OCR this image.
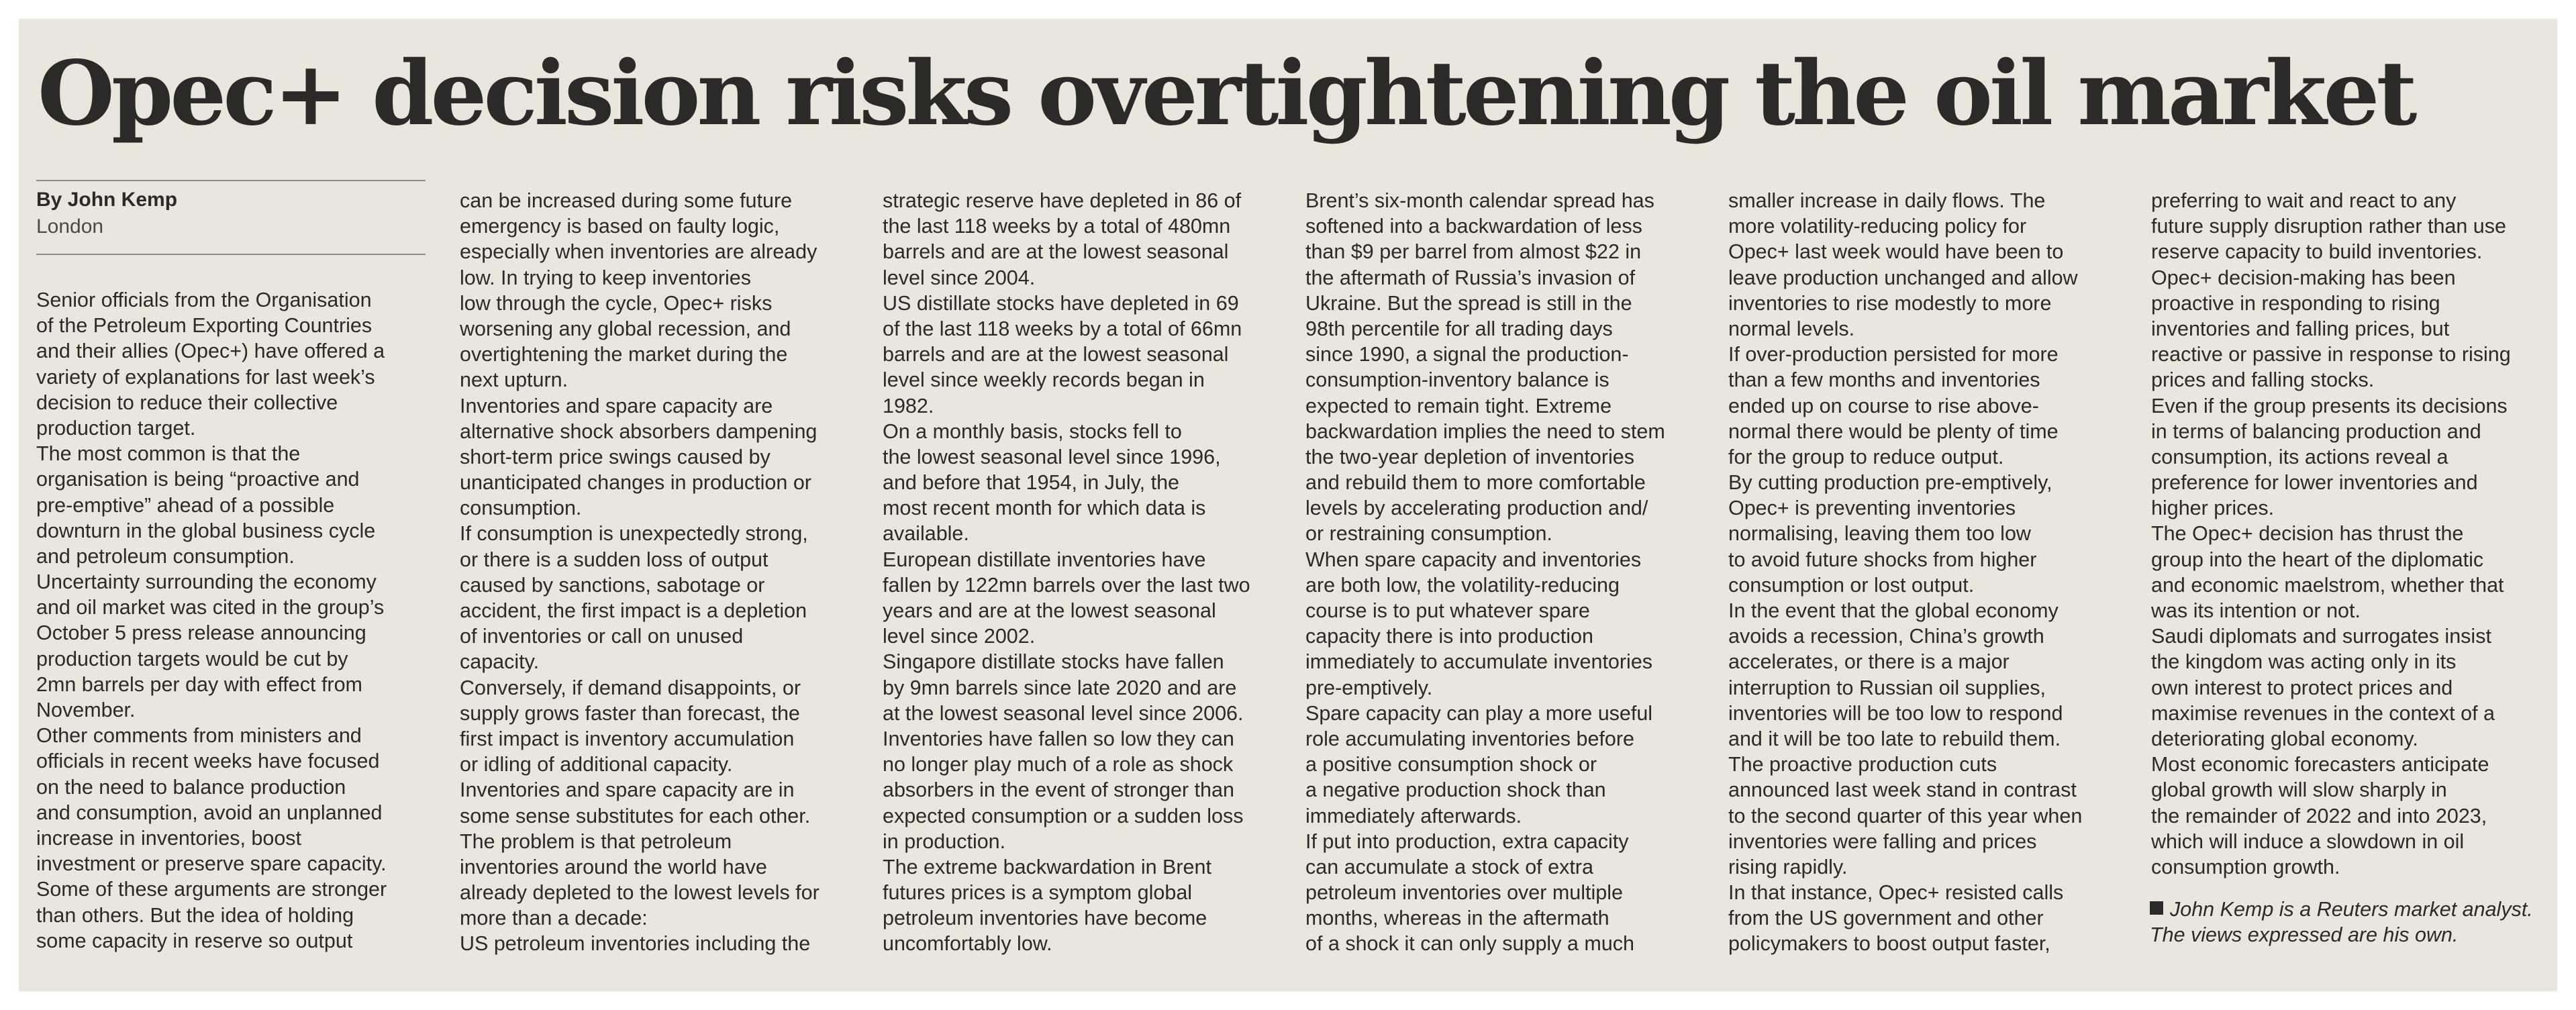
Opec+ decision risks overtightening the oil market
By John Kemp
London
Senior officials from the Organisation
of the Petroleum Exporting Countries
and their allies (Opec+) have offered a
variety of explanations for last week’s
decision to reduce their collective
production target.
The most common is that the
organisation is being “proactive and
pre-emptive” ahead of a possible
downturn in the global business cycle
and petroleum consumption.
Uncertainty surrounding the economy
and oil market was cited in the group’s
October 5 press release announcing
production targets would be cut by
2mn barrels per day with effect from
November.
Other comments from ministers and
officials in recent weeks have focused
on the need to balance production
and consumption, avoid an unplanned
increase in inventories, boost
investment or preserve spare capacity.
Some of these arguments are stronger
than others. But the idea of holding
some capacity in reserve so output
can be increased during some future
emergency is based on faulty logic,
especially when inventories are already
low. In trying to keep inventories
low through the cycle, Opec+ risks
worsening any global recession, and
overtightening the market during the
next upturn.
Inventories and spare capacity are
alternative shock absorbers dampening
short-term price swings caused by
unanticipated changes in production or
consumption.
If consumption is unexpectedly strong,
or there is a sudden loss of output
caused by sanctions, sabotage or
accident, the first impact is a depletion
of inventories or call on unused
capacity.
Conversely, if demand disappoints, or
supply grows faster than forecast, the
first impact is inventory accumulation
or idling of additional capacity.
Inventories and spare capacity are in
some sense substitutes for each other.
The problem is that petroleum
inventories around the world have
already depleted to the lowest levels for
more than a decade:
US petroleum inventories including the
strategic reserve have depleted in 86 of
the last 118 weeks by a total of 480mn
barrels and are at the lowest seasonal
level since 2004.
US distillate stocks have depleted in 69
of the last 118 weeks by a total of 66mn
barrels and are at the lowest seasonal
level since weekly records began in
1982.
On a monthly basis, stocks fell to
the lowest seasonal level since 1996,
and before that 1954, in July, the
most recent month for which data is
available.
European distillate inventories have
fallen by 122mn barrels over the last two
years and are at the lowest seasonal
level since 2002.
Singapore distillate stocks have fallen
by 9mn barrels since late 2020 and are
at the lowest seasonal level since 2006.
Inventories have fallen so low they can
no longer play much of a role as shock
absorbers in the event of stronger than
expected consumption or a sudden loss
in production.
The extreme backwardation in Brent
futures prices is a symptom global
petroleum inventories have become
uncomfortably low.
Brent’s six-month calendar spread has
softened into a backwardation of less
than $9 per barrel from almost $22 in
the aftermath of Russia’s invasion of
Ukraine. But the spread is still in the
98th percentile for all trading days
since 1990, a signal the production-
consumption-inventory balance is
expected to remain tight. Extreme
backwardation implies the need to stem
the two-year depletion of inventories
and rebuild them to more comfortable
levels by accelerating production and/
or restraining consumption.
When spare capacity and inventories
are both low, the volatility-reducing
course is to put whatever spare
capacity there is into production
immediately to accumulate inventories
pre-emptively.
Spare capacity can play a more useful
role accumulating inventories before
a positive consumption shock or
a negative production shock than
immediately afterwards.
If put into production, extra capacity
can accumulate a stock of extra
petroleum inventories over multiple
months, whereas in the aftermath
of a shock it can only supply a much
smaller increase in daily flows. The
more volatility-reducing policy for
Opec+ last week would have been to
leave production unchanged and allow
inventories to rise modestly to more
normal levels.
If over-production persisted for more
than a few months and inventories
ended up on course to rise above-
normal there would be plenty of time
for the group to reduce output.
By cutting production pre-emptively,
Opec+ is preventing inventories
normalising, leaving them too low
to avoid future shocks from higher
consumption or lost output.
In the event that the global economy
avoids a recession, China’s growth
accelerates, or there is a major
interruption to Russian oil supplies,
inventories will be too low to respond
and it will be too late to rebuild them.
The proactive production cuts
announced last week stand in contrast
to the second quarter of this year when
inventories were falling and prices
rising rapidly.
In that instance, Opec+ resisted calls
from the US government and other
policymakers to boost output faster,
preferring to wait and react to any
future supply disruption rather than use
reserve capacity to build inventories.
Opec+ decision-making has been
proactive in responding to rising
inventories and falling prices, but
reactive or passive in response to rising
prices and falling stocks.
Even if the group presents its decisions
in terms of balancing production and
consumption, its actions reveal a
preference for lower inventories and
higher prices.
The Opec+ decision has thrust the
group into the heart of the diplomatic
and economic maelstrom, whether that
was its intention or not.
Saudi diplomats and surrogates insist
the kingdom was acting only in its
own interest to protect prices and
maximise revenues in the context of a
deteriorating global economy.
Most economic forecasters anticipate
global growth will slow sharply in
the remainder of 2022 and into 2023,
which will induce a slowdown in oil
consumption growth.
John Kemp is a Reuters market analyst.
The views expressed are his own.
